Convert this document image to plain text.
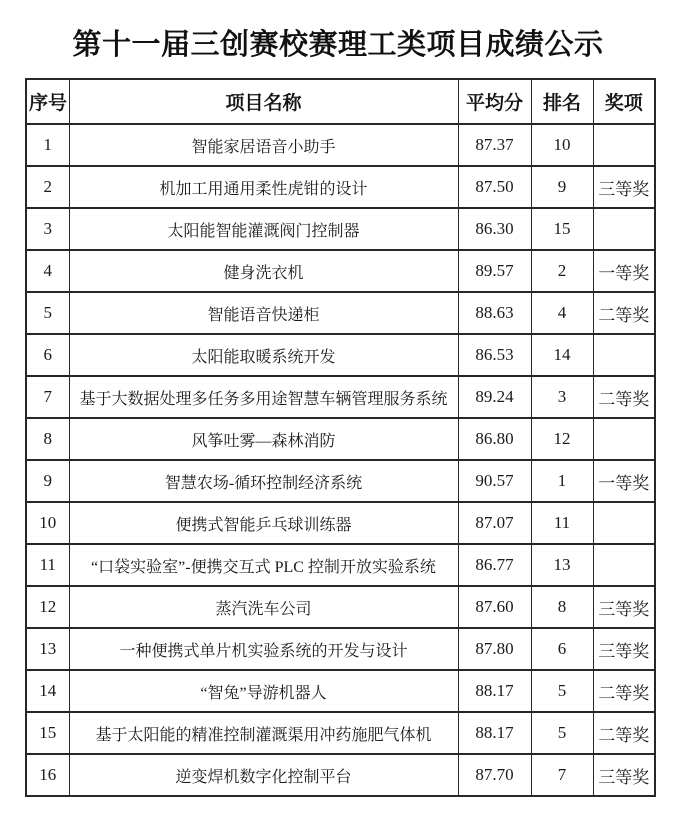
第十一届三创赛校赛理工类项目成绩公示
序号	项目名称	平均分	排名	奖项
1	智能家居语音小助手	87.37	10	
2	机加工用通用柔性虎钳的设计	87.50	9	三等奖
3	太阳能智能灌溉阀门控制器	86.30	15	
4	健身洗衣机	89.57	2	一等奖
5	智能语音快递柜	88.63	4	二等奖
6	太阳能取暖系统开发	86.53	14	
7	基于大数据处理多任务多用途智慧车辆管理服务系统	89.24	3	二等奖
8	风筝吐雾—森林消防	86.80	12	
9	智慧农场-循环控制经济系统	90.57	1	一等奖
10	便携式智能乒乓球训练器	87.07	11	
11	“口袋实验室”-便携交互式 PLC 控制开放实验系统	86.77	13	
12	蒸汽洗车公司	87.60	8	三等奖
13	一种便携式单片机实验系统的开发与设计	87.80	6	三等奖
14	“智兔”导游机器人	88.17	5	二等奖
15	基于太阳能的精准控制灌溉渠用冲药施肥气体机	88.17	5	二等奖
16	逆变焊机数字化控制平台	87.70	7	三等奖
